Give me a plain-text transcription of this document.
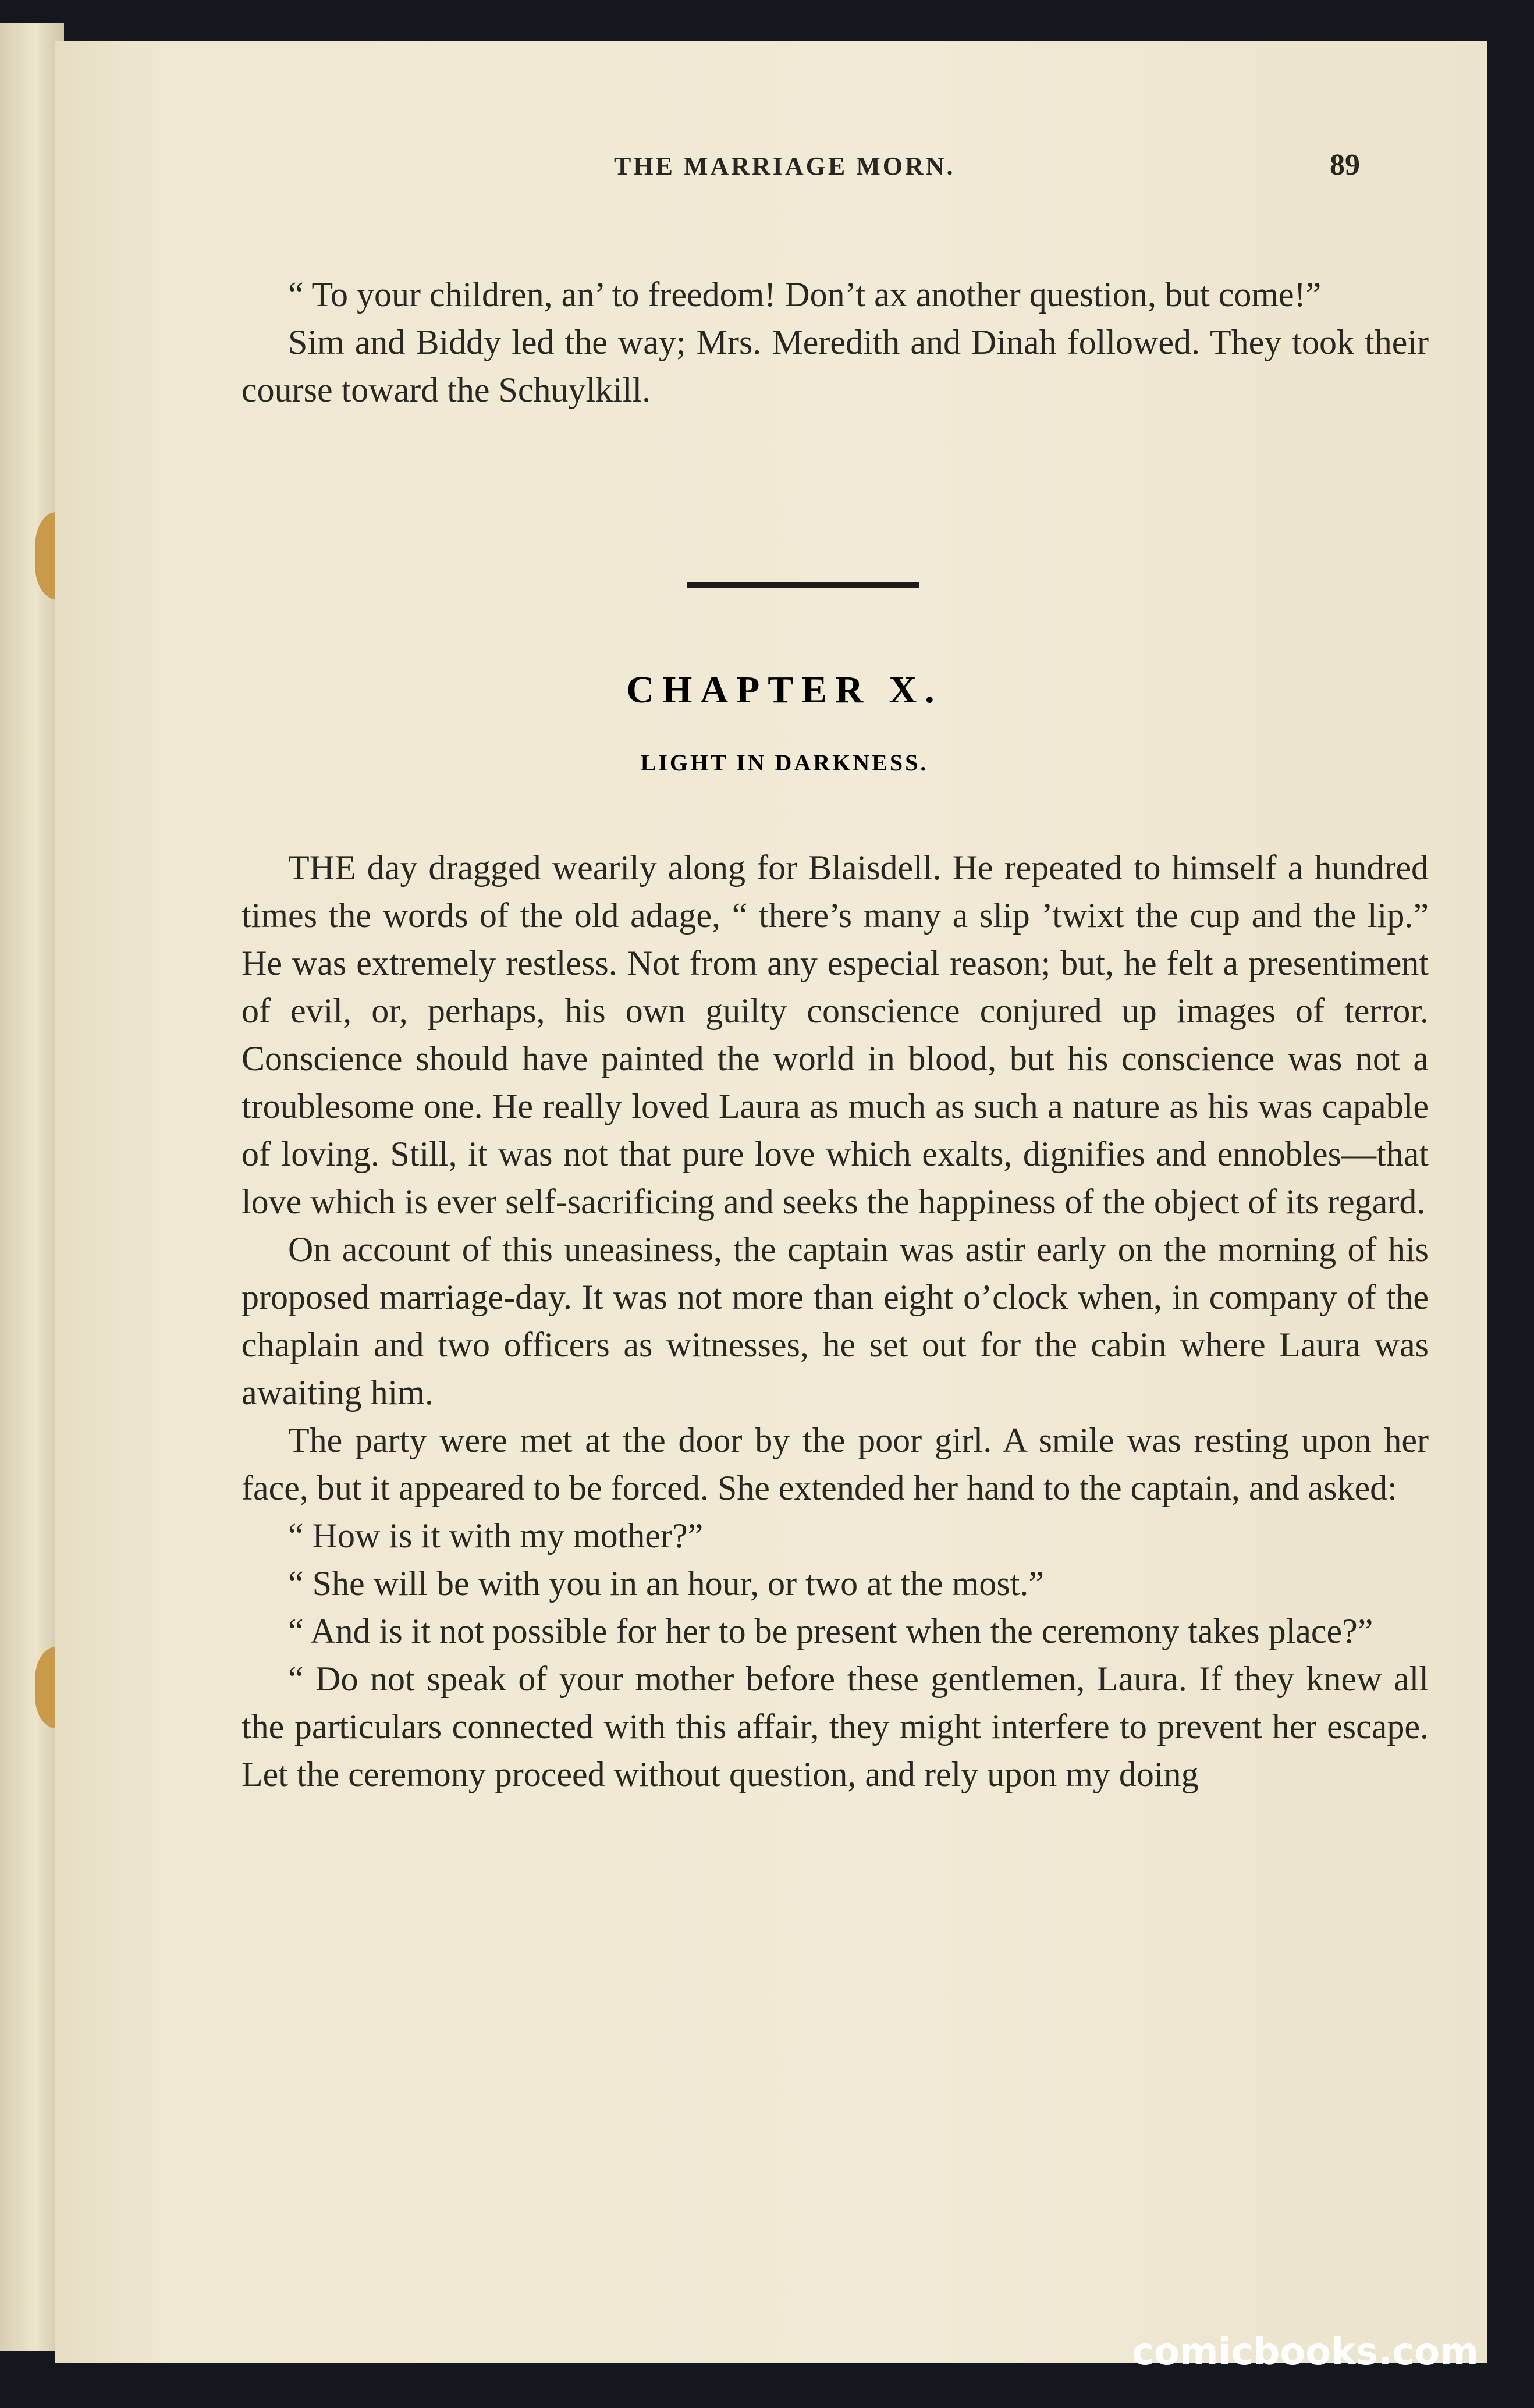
THE MARRIAGE MORN.	89

“ To your children, an’ to freedom! Don’t ax another question, but come!”

Sim and Biddy led the way; Mrs. Meredith and Dinah followed. They took their course toward the Schuylkill.

THE day dragged wearily along for Blaisdell. He repeated to himself a hundred times the words of the old adage, “ there’s many a slip ’twixt the cup and the lip.” He was extremely restless. Not from any especial reason; but, he felt a presentiment of evil, or, perhaps, his own guilty conscience conjured up images of terror. Conscience should have painted the world in blood, but his conscience was not a troublesome one. He really loved Laura as much as such a nature as his was capable of loving. Still, it was not that pure love which exalts, dignifies and ennobles—that love which is ever self-sacrificing and seeks the happiness of the object of its regard.

On account of this uneasiness, the captain was astir early on the morning of his proposed marriage-day. It was not more than eight o’clock when, in company of the chaplain and two officers as witnesses, he set out for the cabin where Laura was awaiting him.

The party were met at the door by the poor girl. A smile was resting upon her face, but it appeared to be forced. She extended her hand to the captain, and asked:

“ How is it with my mother?”

“ She will be with you in an hour, or two at the most.”

“ And is it not possible for her to be present when the ceremony takes place?”

“ Do not speak of your mother before these gentlemen, Laura. If they knew all the particulars connected with this affair, they might interfere to prevent her escape. Let the ceremony proceed without question, and rely upon my doing

CHAPTER X.
LIGHT IN DARKNESS.
comicbooks.com
